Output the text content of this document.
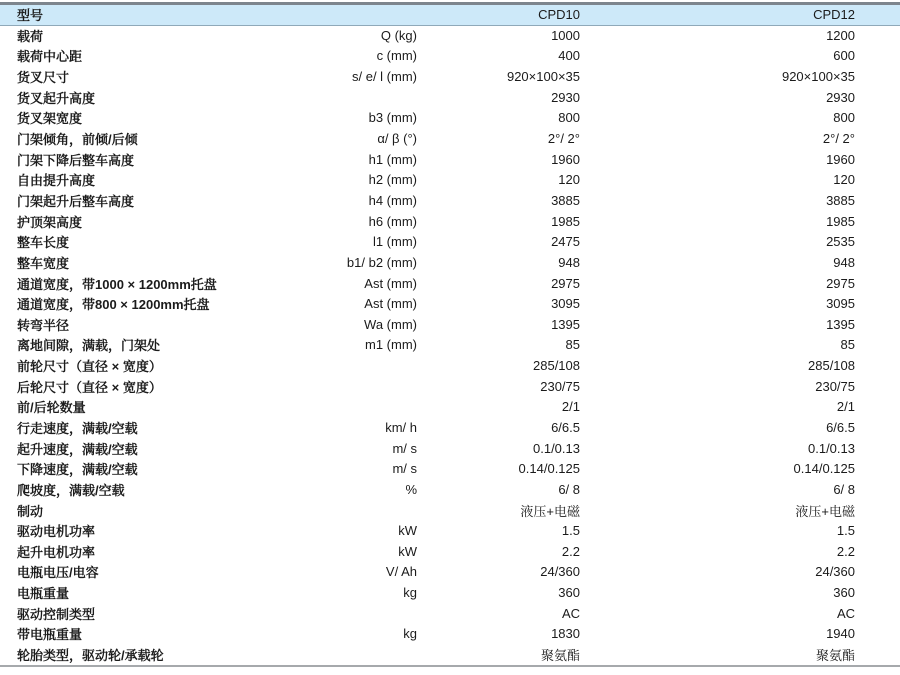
型号		CPD10	CPD12	
载荷	Q (kg)	1000	1200	
载荷中心距	c (mm)	400	600	
货叉尺寸	s/ e/ l (mm)	920×100×35	920×100×35	
货叉起升高度		2930	2930	
货叉架宽度	b3 (mm)	800	800	
门架倾角，前倾/后倾	α/ β (°)	2°/ 2°	2°/ 2°	
门架下降后整车高度	h1 (mm)	1960	1960	
自由提升高度	h2 (mm)	120	120	
门架起升后整车高度	h4 (mm)	3885	3885	
护顶架高度	h6 (mm)	1985	1985	
整车长度	l1 (mm)	2475	2535	
整车宽度	b1/ b2 (mm)	948	948	
通道宽度，带1000 × 1200mm托盘	Ast (mm)	2975	2975	
通道宽度，带800 × 1200mm托盘	Ast (mm)	3095	3095	
转弯半径	Wa (mm)	1395	1395	
离地间隙，满载，门架处	m1 (mm)	85	85	
前轮尺寸（直径 × 宽度）		285/108	285/108	
后轮尺寸（直径 × 宽度）		230/75	230/75	
前/后轮数量		2/1	2/1	
行走速度，满载/空载	km/ h	6/6.5	6/6.5	
起升速度，满载/空载	m/ s	0.1/0.13	0.1/0.13	
下降速度，满载/空载	m/ s	0.14/0.125	0.14/0.125	
爬坡度，满载/空载	%	6/ 8	6/ 8	
制动		液压+电磁	液压+电磁	
驱动电机功率	kW	1.5	1.5	
起升电机功率	kW	2.2	2.2	
电瓶电压/电容	V/ Ah	24/360	24/360	
电瓶重量	kg	360	360	
驱动控制类型		AC	AC	
带电瓶重量	kg	1830	1940	
轮胎类型，驱动轮/承载轮		聚氨酯	聚氨酯	
